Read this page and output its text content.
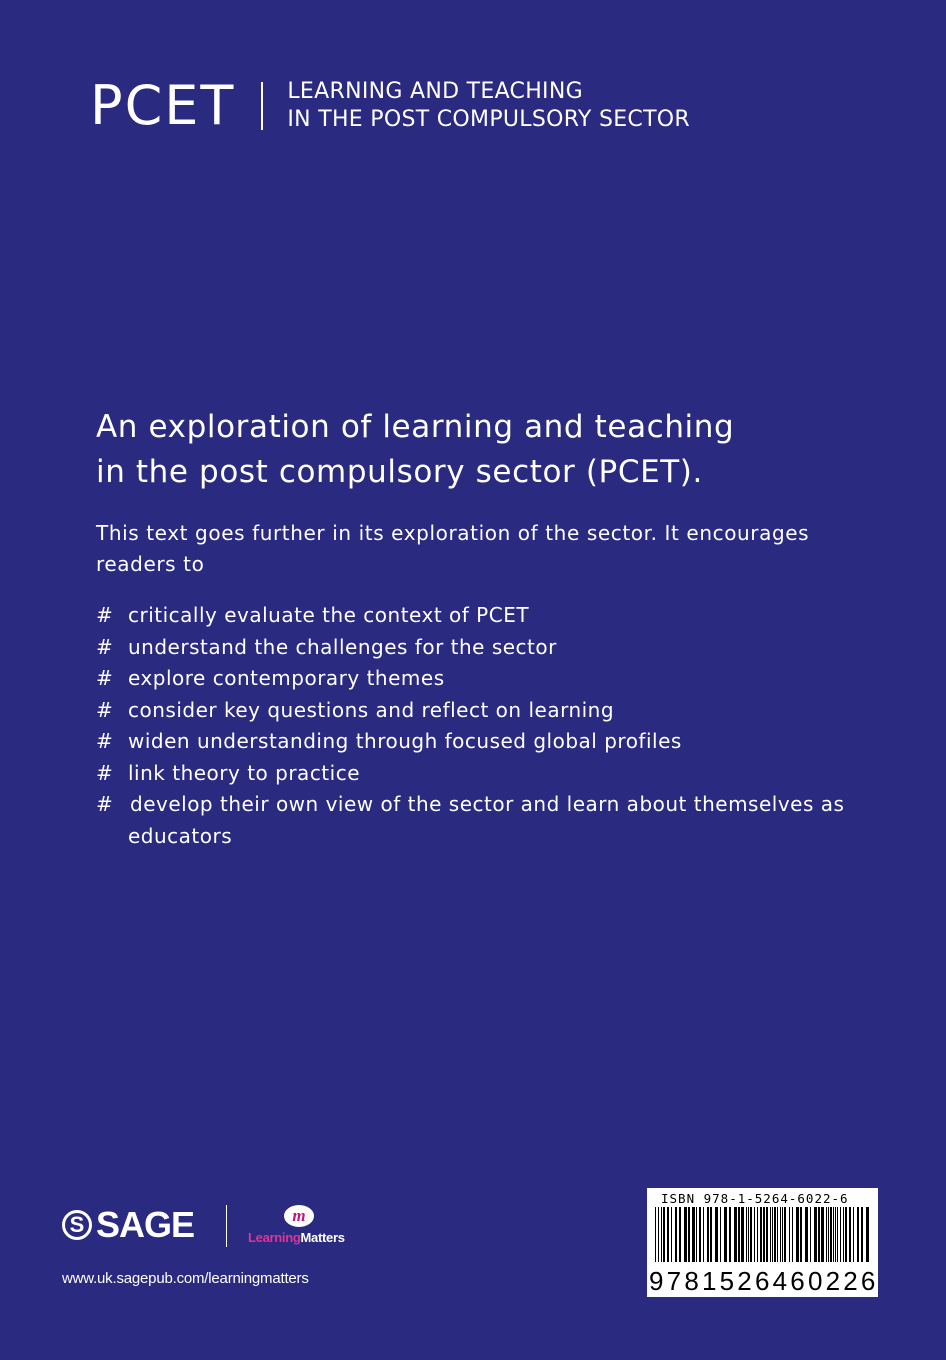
PCET LEARNING AND TEACHING
IN THE POST COMPULSORY SECTOR
An exploration of learning and teaching
in the post compulsory sector (PCET).
This text goes further in its exploration of the sector. It encourages readers to
# critically evaluate the context of PCET
# understand the challenges for the sector
# explore contemporary themes
# consider key questions and reflect on learning
# widen understanding through focused global profiles
# link theory to practice
# develop their own view of the sector and learn about themselves as educators
S SAGE	m
LearningMatters
www.uk.sagepub.com/learningmatters
ISBN 978-1-5264-6022-6
9781526460226
